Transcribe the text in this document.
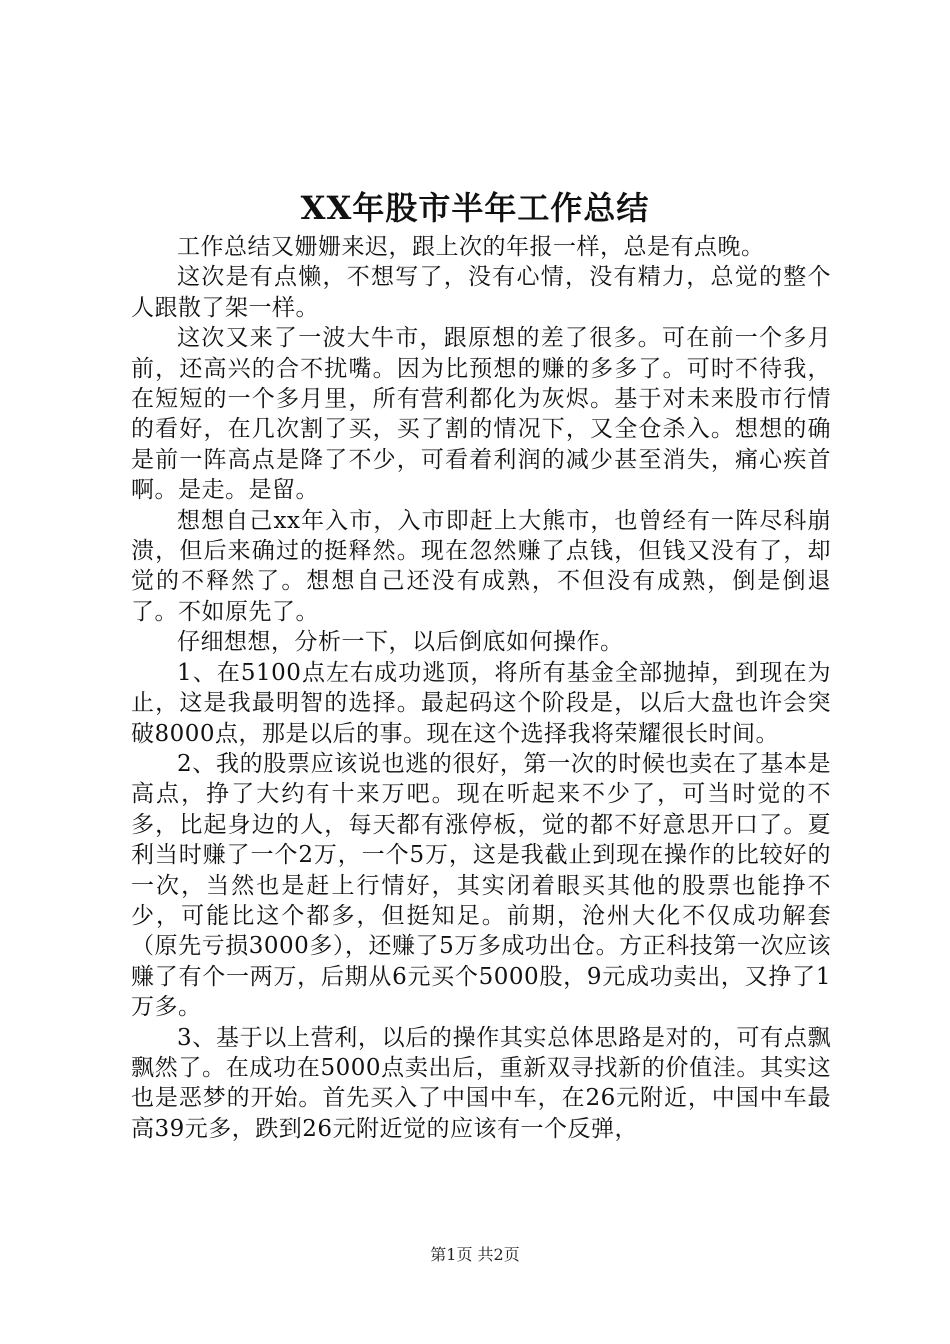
XX年股市半年工作总结

工作总结又姗姗来迟，跟上次的年报一样，总是有点晚。

这次是有点懒，不想写了，没有心情，没有精力，总觉的整个人跟散了架一样。

这次又来了一波大牛市，跟原想的差了很多。可在前一个多月前，还高兴的合不扰嘴。因为比预想的赚的多多了。可时不待我，在短短的一个多月里，所有营利都化为灰烬。基于对未来股市行情的看好，在几次割了买，买了割的情况下，又全仓杀入。想想的确是前一阵高点是降了不少，可看着利润的减少甚至消失，痛心疾首啊。是走。是留。

想想自己xx年入市，入市即赶上大熊市，也曾经有一阵尽科崩溃，但后来确过的挺释然。现在忽然赚了点钱，但钱又没有了，却觉的不释然了。想想自己还没有成熟，不但没有成熟，倒是倒退了。不如原先了。

仔细想想，分析一下，以后倒底如何操作。

1、在5100点左右成功逃顶，将所有基金全部抛掉，到现在为止，这是我最明智的选择。最起码这个阶段是，以后大盘也许会突破8000点，那是以后的事。现在这个选择我将荣耀很长时间。

2、我的股票应该说也逃的很好，第一次的时候也卖在了基本是高点，挣了大约有十来万吧。现在听起来不少了，可当时觉的不多，比起身边的人，每天都有涨停板，觉的都不好意思开口了。夏利当时赚了一个2万，一个5万，这是我截止到现在操作的比较好的一次，当然也是赶上行情好，其实闭着眼买其他的股票也能挣不少，可能比这个都多，但挺知足。前期，沧州大化不仅成功解套（原先亏损3000多），还赚了5万多成功出仓。方正科技第一次应该赚了有个一两万，后期从6元买个5000股，9元成功卖出，又挣了1万多。

3、基于以上营利，以后的操作其实总体思路是对的，可有点飘飘然了。在成功在5000点卖出后，重新双寻找新的价值洼。其实这也是恶梦的开始。首先买入了中国中车，在26元附近，中国中车最高39元多，跌到26元附近觉的应该有一个反弹，

第1页 共2页
